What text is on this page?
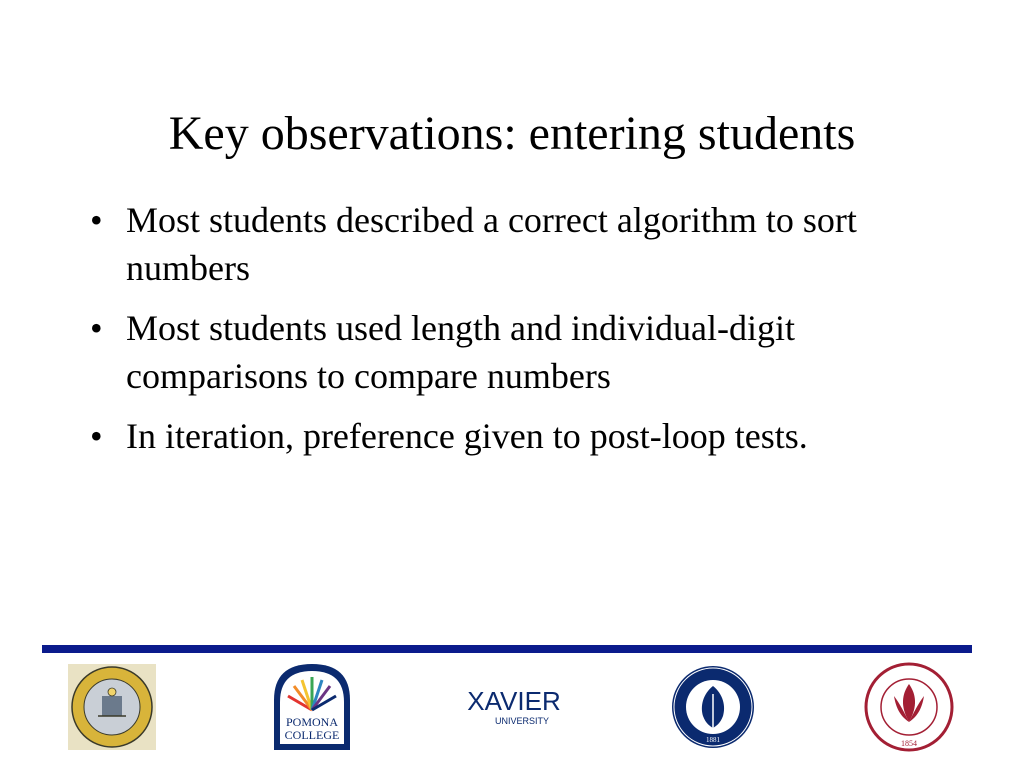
Key observations: entering students
• Most students described a correct algorithm to sort numbers
• Most students used length and individual-digit comparisons to compare numbers
• In iteration, preference given to post-loop tests.
POMONA
COLLEGE
XAVIER
UNIVERSITY
1881	1854
